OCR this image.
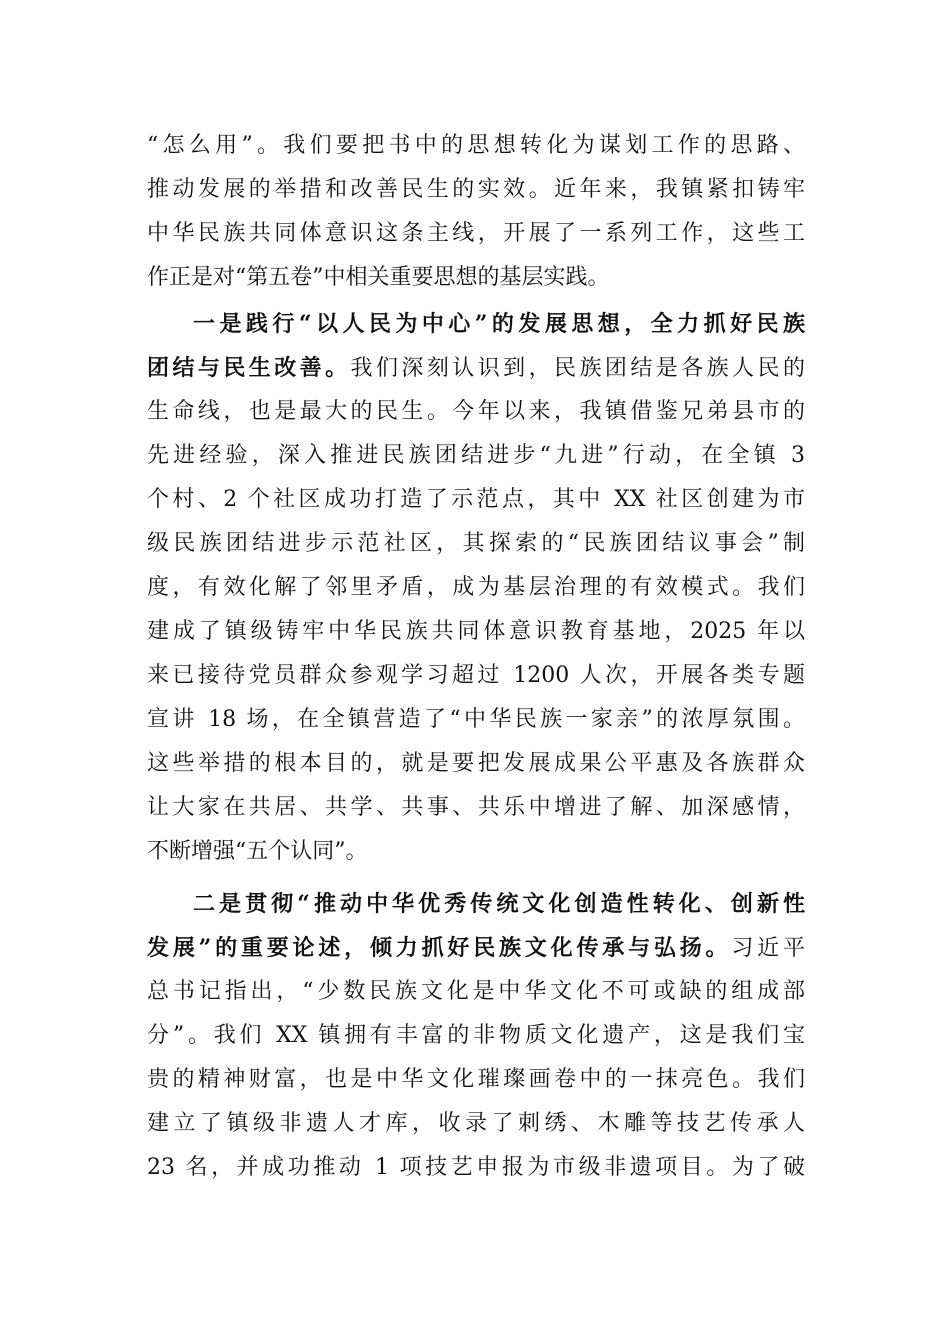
“怎么用”。我们要把书中的思想转化为谋划工作的思路、
推动发展的举措和改善民生的实效。近年来，我镇紧扣铸牢
中华民族共同体意识这条主线，开展了一系列工作，这些工
作正是对“第五卷”中相关重要思想的基层实践。
一是践行“以人民为中心”的发展思想，全力抓好民族
团结与民生改善。我们深刻认识到，民族团结是各族人民的
生命线，也是最大的民生。今年以来，我镇借鉴兄弟县市的
先进经验，深入推进民族团结进步“九进”行动，在全镇 3
个村、2 个社区成功打造了示范点，其中 XX 社区创建为市
级民族团结进步示范社区，其探索的“民族团结议事会”制
度，有效化解了邻里矛盾，成为基层治理的有效模式。我们
建成了镇级铸牢中华民族共同体意识教育基地，2025 年以
来已接待党员群众参观学习超过 1200 人次，开展各类专题
宣讲 18 场，在全镇营造了“中华民族一家亲”的浓厚氛围。
这些举措的根本目的，就是要把发展成果公平惠及各族群众
让大家在共居、共学、共事、共乐中增进了解、加深感情，
不断增强“五个认同”。
二是贯彻“推动中华优秀传统文化创造性转化、创新性
发展”的重要论述，倾力抓好民族文化传承与弘扬。习近平
总书记指出，“少数民族文化是中华文化不可或缺的组成部
分”。我们 XX 镇拥有丰富的非物质文化遗产，这是我们宝
贵的精神财富，也是中华文化璀璨画卷中的一抹亮色。我们
建立了镇级非遗人才库，收录了刺绣、木雕等技艺传承人
23 名，并成功推动 1 项技艺申报为市级非遗项目。为了破
